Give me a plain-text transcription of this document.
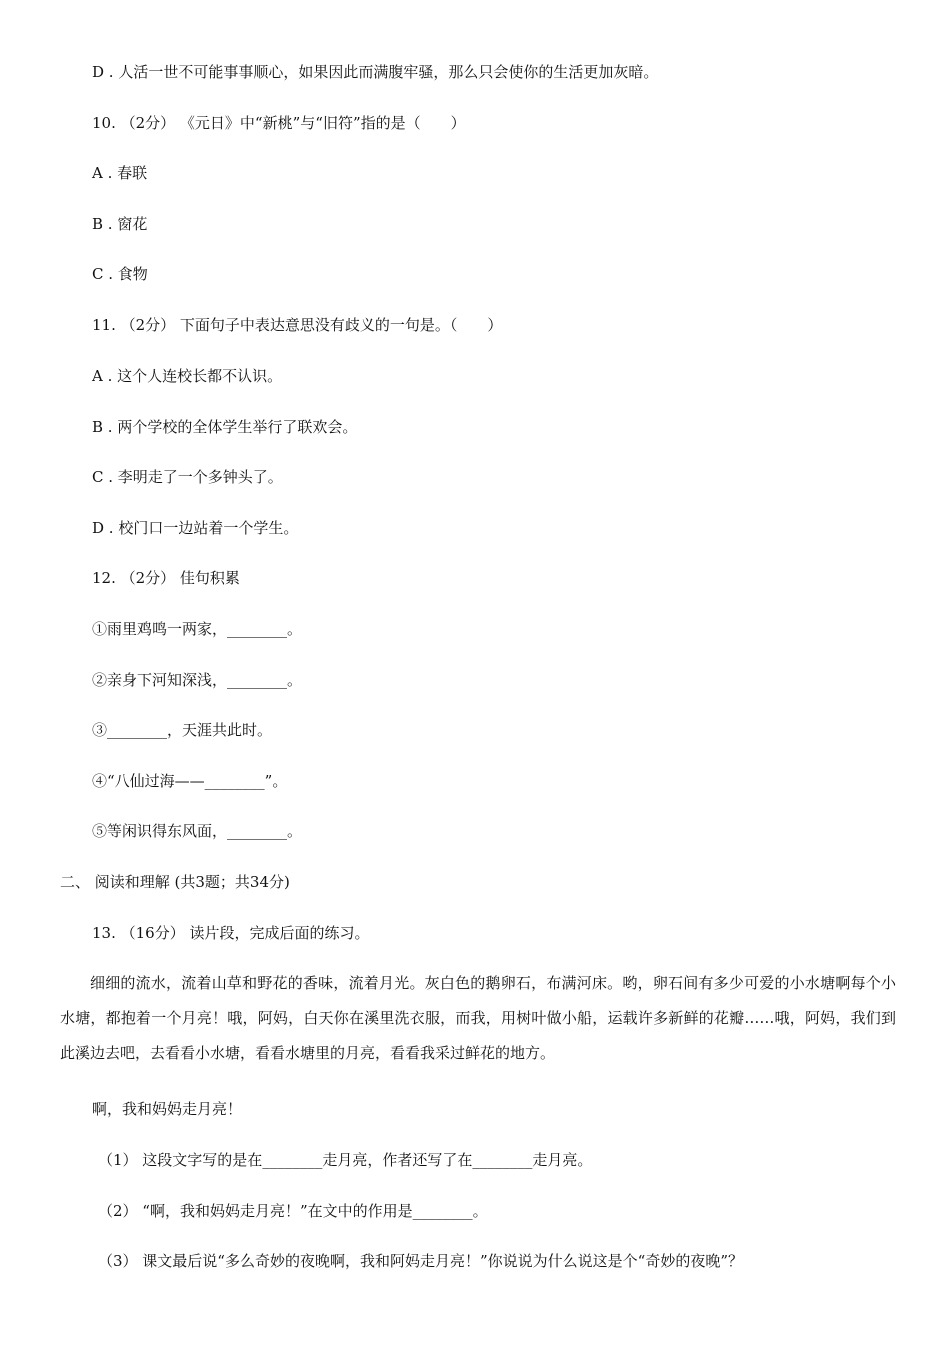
D . 人活一世不可能事事顺心，如果因此而满腹牢骚，那么只会使你的生活更加灰暗。
10. （2分） 《元日》中“新桃”与“旧符”指的是（　　）
A . 春联
B . 窗花
C . 食物
11. （2分） 下面句子中表达意思没有歧义的一句是。（　　）
A . 这个人连校长都不认识。
B . 两个学校的全体学生举行了联欢会。
C . 李明走了一个多钟头了。
D . 校门口一边站着一个学生。
12. （2分） 佳句积累
①雨里鸡鸣一两家，________。
②亲身下河知深浅，________。
③________，天涯共此时。
④“八仙过海——________”。
⑤等闲识得东风面，________。
二、 阅读和理解 (共3题；共34分)
13. （16分） 读片段，完成后面的练习。
细细的流水，流着山草和野花的香味，流着月光。灰白色的鹅卵石，布满河床。哟，卵石间有多少可爱的小水塘啊每个小水塘，都抱着一个月亮！哦，阿妈，白天你在溪里洗衣服，而我，用树叶做小船，运载许多新鲜的花瓣……哦，阿妈，我们到此溪边去吧，去看看小水塘，看看水塘里的月亮，看看我采过鲜花的地方。
啊，我和妈妈走月亮！
（1） 这段文字写的是在________走月亮，作者还写了在________走月亮。
（2） “啊，我和妈妈走月亮！”在文中的作用是________。
（3） 课文最后说“多么奇妙的夜晚啊，我和阿妈走月亮！”你说说为什么说这是个“奇妙的夜晚”？
